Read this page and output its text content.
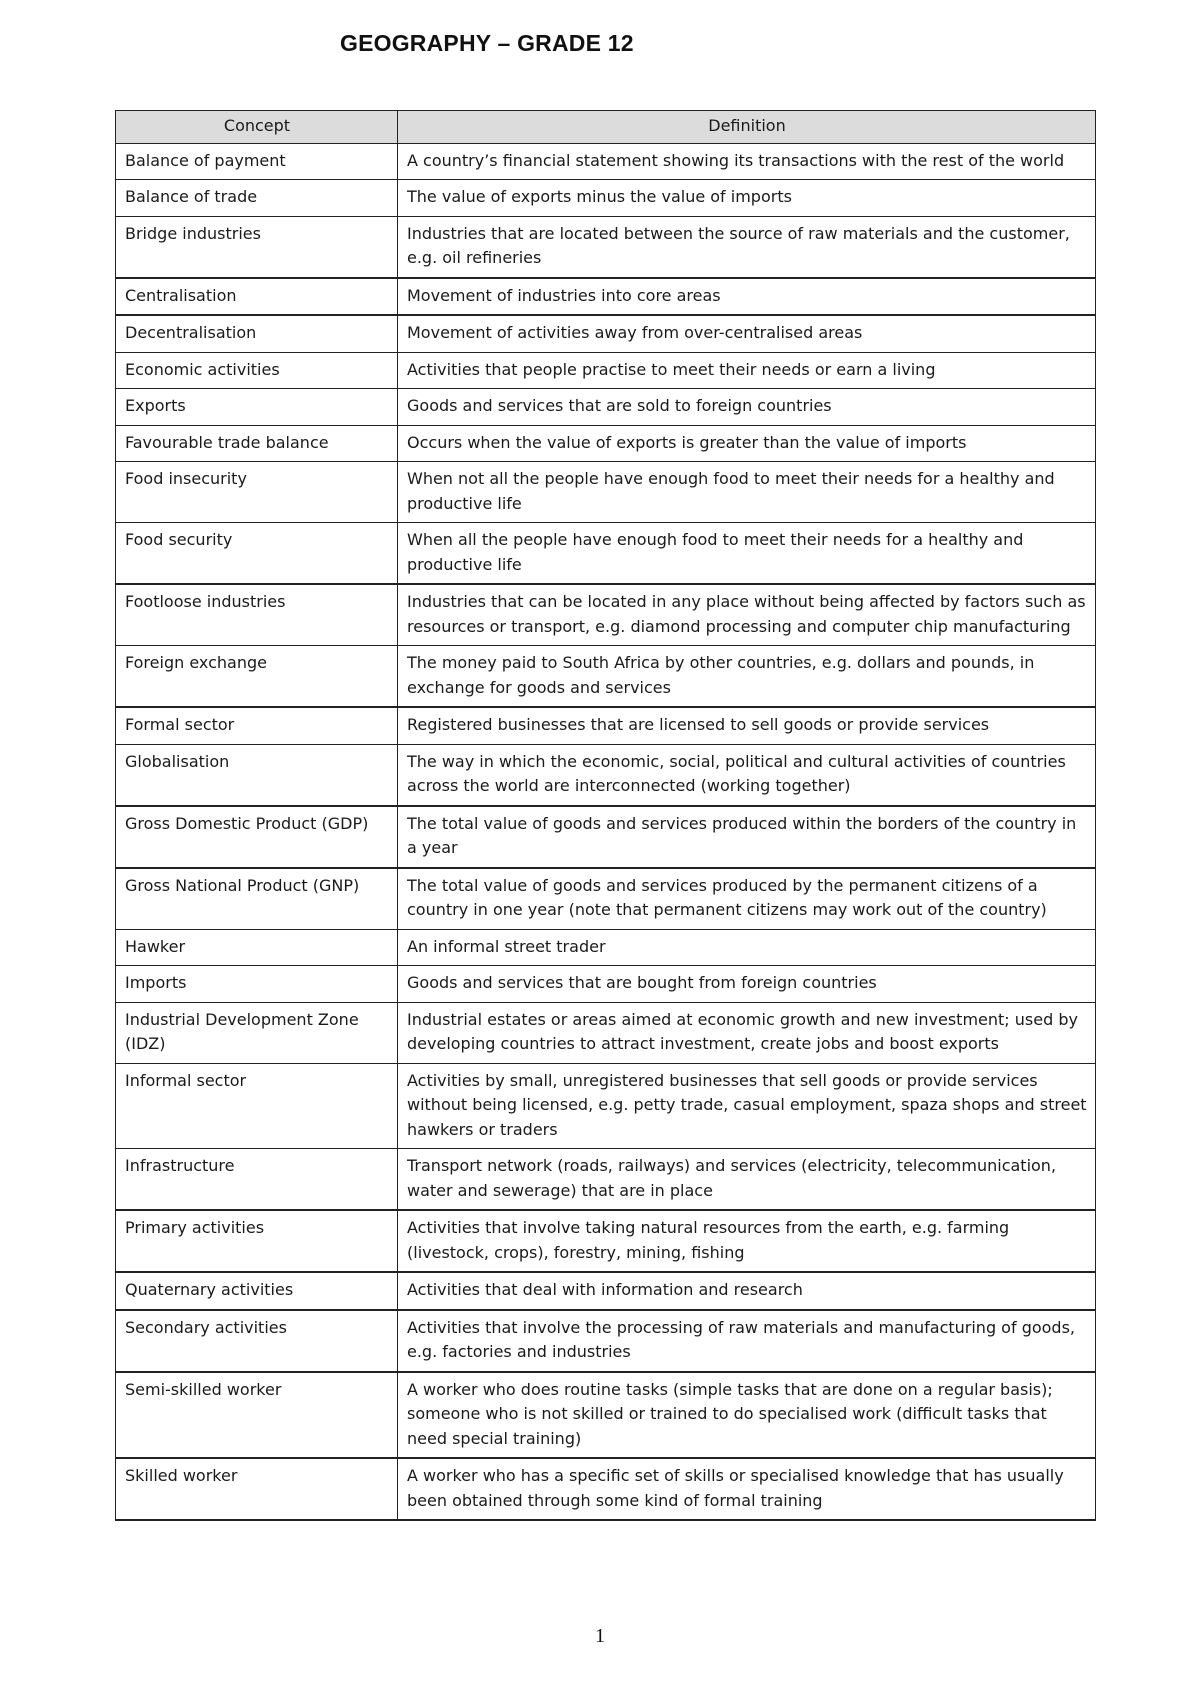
GEOGRAPHY – GRADE 12
Concept	Definition
Balance of payment	A country’s financial statement showing its transactions with the rest of the world
Balance of trade	The value of exports minus the value of imports
Bridge industries	Industries that are located between the source of raw materials and the customer, e.g. oil refineries
Centralisation	Movement of industries into core areas
Decentralisation	Movement of activities away from over-centralised areas
Economic activities	Activities that people practise to meet their needs or earn a living
Exports	Goods and services that are sold to foreign countries
Favourable trade balance	Occurs when the value of exports is greater than the value of imports
Food insecurity	When not all the people have enough food to meet their needs for a healthy and productive life
Food security	When all the people have enough food to meet their needs for a healthy and productive life
Footloose industries	Industries that can be located in any place without being affected by factors such as resources or transport, e.g. diamond processing and computer chip manufacturing
Foreign exchange	The money paid to South Africa by other countries, e.g. dollars and pounds, in exchange for goods and services
Formal sector	Registered businesses that are licensed to sell goods or provide services
Globalisation	The way in which the economic, social, political and cultural activities of countries across the world are interconnected (working together)
Gross Domestic Product (GDP)	The total value of goods and services produced within the borders of the country in a year
Gross National Product (GNP)	The total value of goods and services produced by the permanent citizens of a country in one year (note that permanent citizens may work out of the country)
Hawker	An informal street trader
Imports	Goods and services that are bought from foreign countries
Industrial Development Zone (IDZ)	Industrial estates or areas aimed at economic growth and new investment; used by developing countries to attract investment, create jobs and boost exports
Informal sector	Activities by small, unregistered businesses that sell goods or provide services without being licensed, e.g. petty trade, casual employment, spaza shops and street hawkers or traders
Infrastructure	Transport network (roads, railways) and services (electricity, telecommunication, water and sewerage) that are in place
Primary activities	Activities that involve taking natural resources from the earth, e.g. farming (livestock, crops), forestry, mining, fishing
Quaternary activities	Activities that deal with information and research
Secondary activities	Activities that involve the processing of raw materials and manufacturing of goods, e.g. factories and industries
Semi-skilled worker	A worker who does routine tasks (simple tasks that are done on a regular basis); someone who is not skilled or trained to do specialised work (difficult tasks that need special training)
Skilled worker	A worker who has a specific set of skills or specialised knowledge that has usually been obtained through some kind of formal training
1
